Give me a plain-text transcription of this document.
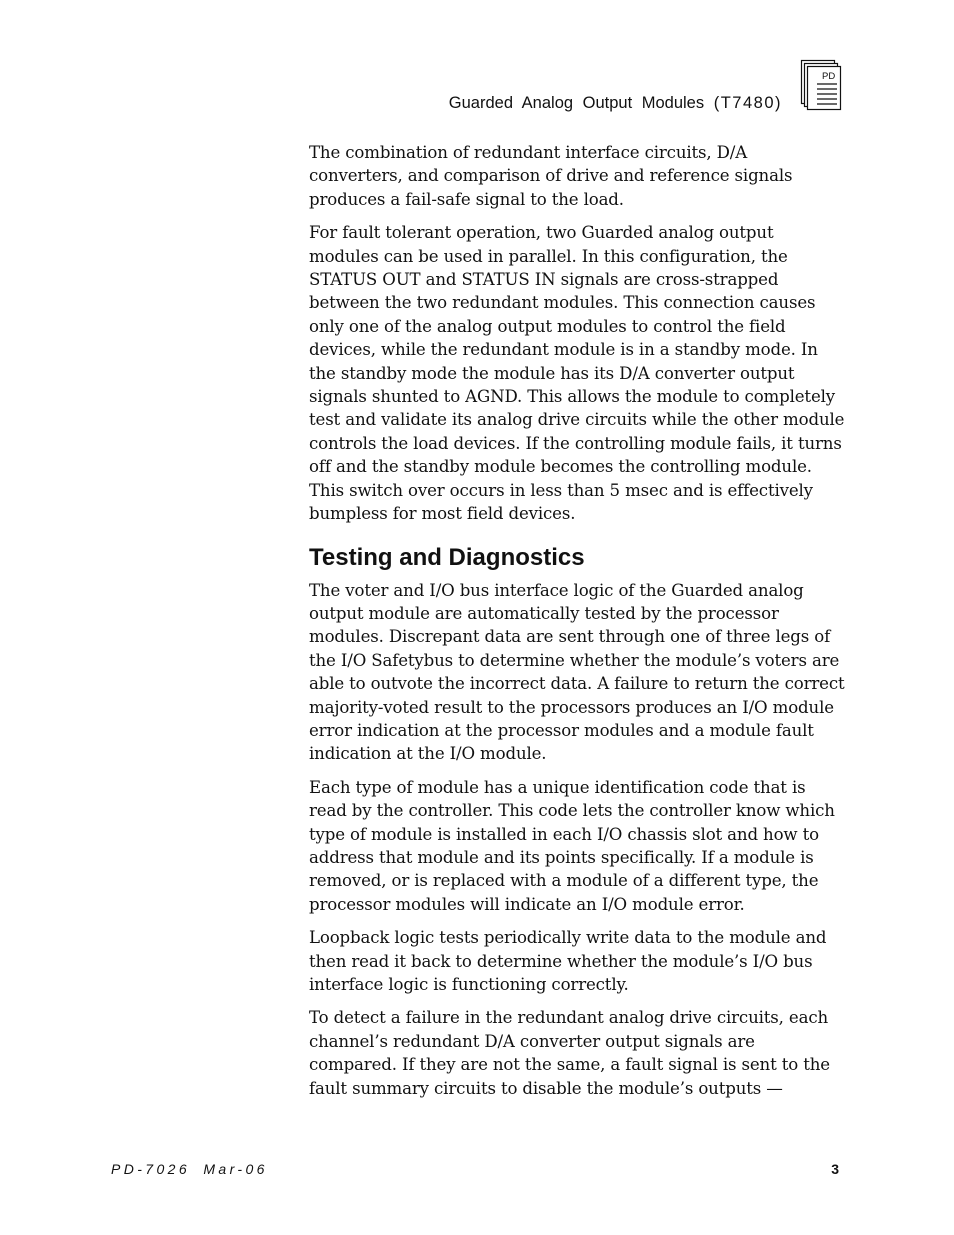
Guarded Analog Output Modules (T7480)
PD

The combination of redundant interface circuits, D/A converters, and comparison of drive and reference signals produces a fail-safe signal to the load.

For fault tolerant operation, two Guarded analog output modules can be used in parallel. In this configuration, the STATUS OUT and STATUS IN signals are cross-strapped between the two redundant modules. This connection causes only one of the analog output modules to control the field devices, while the redundant module is in a standby mode. In the standby mode the module has its D/A converter output signals shunted to AGND. This allows the module to completely test and validate its analog drive circuits while the other module controls the load devices. If the controlling module fails, it turns off and the standby module becomes the controlling module. This switch over occurs in less than 5 msec and is effectively bumpless for most field devices.

Testing and Diagnostics

The voter and I/O bus interface logic of the Guarded analog output module are automatically tested by the processor modules. Discrepant data are sent through one of three legs of the I/O Safetybus to determine whether the module’s voters are able to outvote the incorrect data. A failure to return the correct majority-voted result to the processors produces an I/O module error indication at the processor modules and a module fault indication at the I/O module.

Each type of module has a unique identification code that is read by the controller. This code lets the controller know which type of module is installed in each I/O chassis slot and how to address that module and its points specifically. If a module is removed, or is replaced with a module of a different type, the processor modules will indicate an I/O module error.

Loopback logic tests periodically write data to the module and then read it back to determine whether the module’s I/O bus interface logic is functioning correctly.

To detect a failure in the redundant analog drive circuits, each channel’s redundant D/A converter output signals are compared. If they are not the same, a fault signal is sent to the fault summary circuits to disable the module’s outputs —

PD-7026 Mar-06	3
